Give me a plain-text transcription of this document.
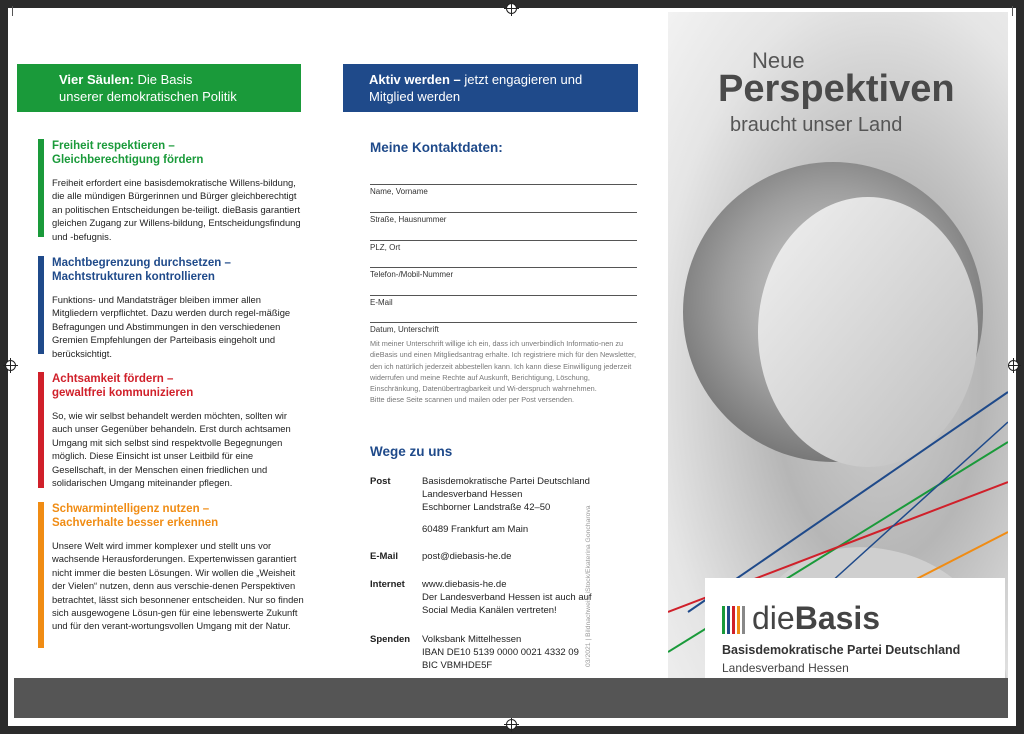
Vier Säulen: Die Basis
unserer demokratischen Politik
Freiheit respektieren –
Gleichberechtigung fördern
Freiheit erfordert eine basisdemokratische Willens-bildung, die alle mündigen Bürgerinnen und Bürger gleichberechtigt an politischen Entscheidungen be-teiligt. dieBasis garantiert gleichen Zugang zur Willens-bildung, Entscheidungsfindung und -befugnis.
Machtbegrenzung durchsetzen –
Machtstrukturen kontrollieren
Funktions- und Mandatsträger bleiben immer allen Mitgliedern verpflichtet. Dazu werden durch regel-mäßige Befragungen und Abstimmungen in den verschiedenen Gremien Empfehlungen der Parteibasis eingeholt und berücksichtigt.
Achtsamkeit fördern –
gewaltfrei kommunizieren
So, wie wir selbst behandelt werden möchten, sollten wir auch unser Gegenüber behandeln. Erst durch achtsamen Umgang mit sich selbst sind respektvolle Begegnungen möglich. Diese Einsicht ist unser Leitbild für eine Gesellschaft, in der Menschen einen friedlichen und solidarischen Umgang miteinander pflegen.
Schwarmintelligenz nutzen –
Sachverhalte besser erkennen
Unsere Welt wird immer komplexer und stellt uns vor wachsende Herausforderungen. Expertenwissen garantiert nicht immer die besten Lösungen. Wir wollen die „Weisheit der Vielen“ nutzen, denn aus verschie-denen Perspektiven betrachtet, lässt sich besonnener entscheiden. Nur so finden sich ausgewogene Lösun-gen für eine lebenswerte Zukunft und für den verant-wortungsvollen Umgang mit der Natur.
Aktiv werden – jetzt engagieren und
Mitglied werden
Meine Kontaktdaten:
Name, Vorname
Straße, Hausnummer
PLZ, Ort
Telefon-/Mobil-Nummer
E-Mail
Datum, Unterschrift
Mit meiner Unterschrift willige ich ein, dass ich unverbindlich Informatio-nen zu dieBasis und einen Mitgliedsantrag erhalte. Ich registriere mich für den Newsletter, den ich natürlich jederzeit abbestellen kann. Ich kann diese Einwilligung jederzeit widerrufen und meine Rechte auf Auskunft, Berichtigung, Löschung, Einschränkung, Datenübertragbarkeit und Wi-derspruch wahrnehmen.
Bitte diese Seite scannen und mailen oder per Post versenden.
Wege zu uns
Post	Basisdemokratische Partei Deutschland
Landesverband Hessen
Eschborner Landstraße 42–50

60489 Frankfurt am Main
E-Mail	post@diebasis-he.de
Internet	www.diebasis-he.de
Der Landesverband Hessen ist auch auf
Social Media Kanälen vertreten!
Spenden	Volksbank Mittelhessen
IBAN DE10 5139 0000 0021 4332 09
BIC VBMHDE5F	03/2021 | Bildnachweis: iStock/Ekaterina Goncharova
Neue
Perspektiven
braucht unser Land
dieBasis
Basisdemokratische Partei Deutschland
Landesverband Hessen
